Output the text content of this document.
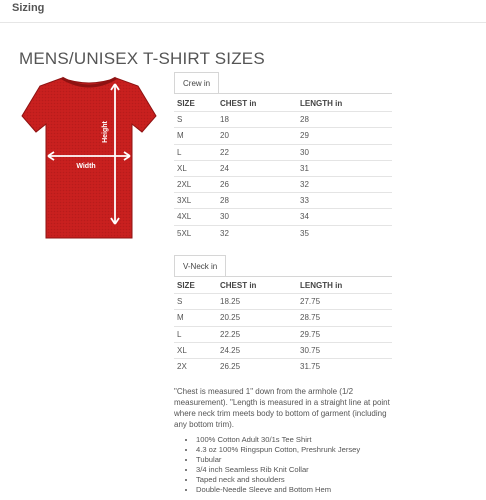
Sizing
MENS/UNISEX T-SHIRT SIZES
Width
Height
Crew in
SIZE	CHEST in	LENGTH in
S	18	28
M	20	29
L	22	30
XL	24	31
2XL	26	32
3XL	28	33
4XL	30	34
5XL	32	35
V-Neck in
SIZE	CHEST in	LENGTH in
S	18.25	27.75
M	20.25	28.75
L	22.25	29.75
XL	24.25	30.75
2X	26.25	31.75
"Chest is measured 1" down from the armhole (1/2 measurement). "Length is measured in a straight line at point where neck trim meets body to bottom of garment (including any bottom trim).
• 100% Cotton Adult 30/1s Tee Shirt
• 4.3 oz 100% Ringspun Cotton, Preshrunk Jersey
• Tubular
• 3/4 inch Seamless Rib Knit Collar
• Taped neck and shoulders
• Double-Needle Sleeve and Bottom Hem
